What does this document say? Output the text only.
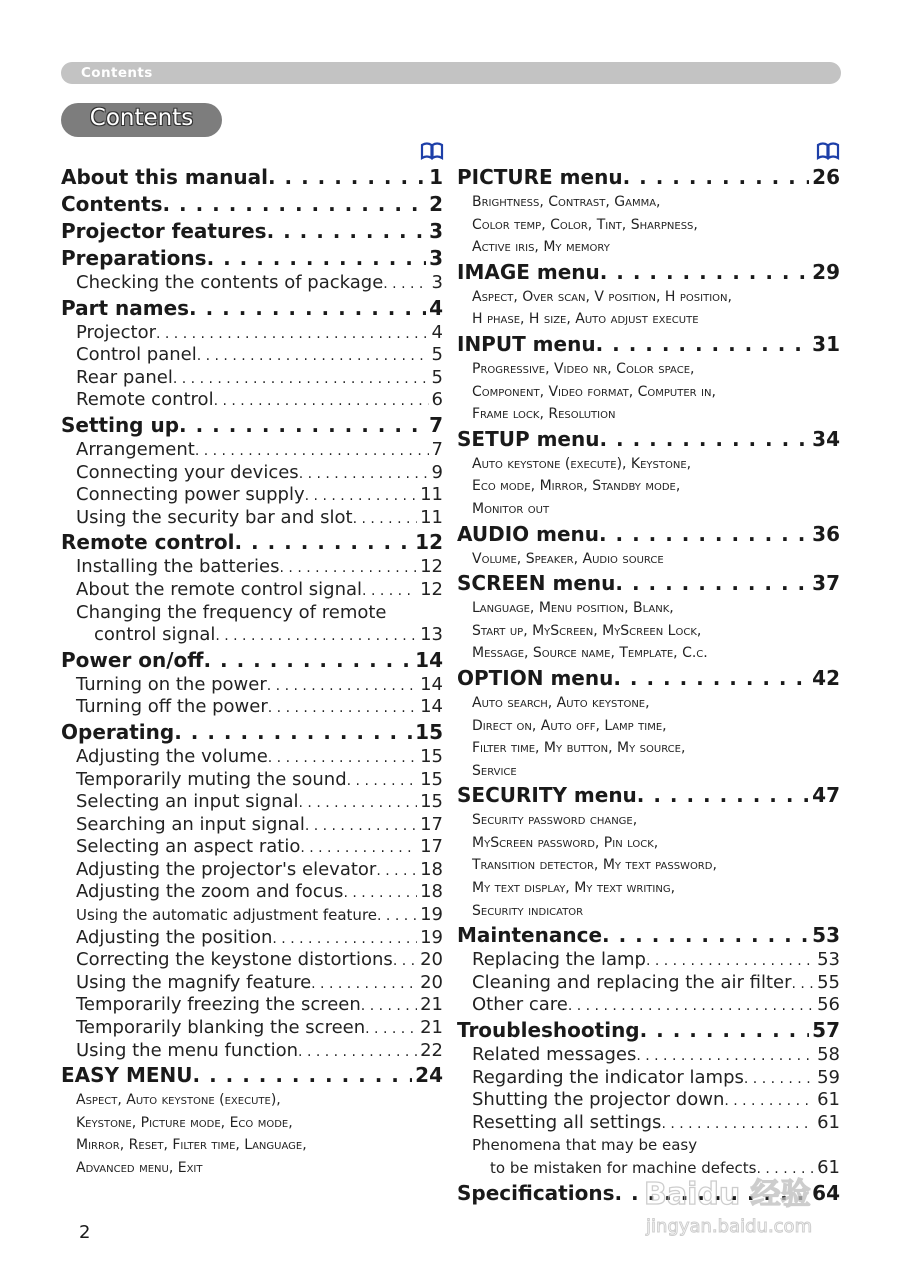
Contents
Contents
About this manual . . .	1
Contents . . .	2
Projector features . . .	3
Preparations . . .	3
Checking the contents of package . . .	3
Part names . . .	4
Projector . . .	4
Control panel . . .	5
Rear panel . . .	5
Remote control . . .	6
Setting up . . .	7
Arrangement . . .	7
Connecting your devices . . .	9
Connecting power supply . . .	11
Using the security bar and slot . . .	11
Remote control . . .	12
Installing the batteries . . .	12
About the remote control signal . . .	12
Changing the frequency of remote
control signal . . .	13
Power on/off . . .	14
Turning on the power . . .	14
Turning off the power . . .	14
Operating . . .	15
Adjusting the volume . . .	15
Temporarily muting the sound . . .	15
Selecting an input signal . . .	15
Searching an input signal . . .	17
Selecting an aspect ratio . . .	17
Adjusting the projector's elevator . . . 18
Adjusting the zoom and focus . . .	18
Using the automatic adjustment feature . . . 19
Adjusting the position . . .	19
Correcting the keystone distortions . . . 20
Using the magnify feature . . .	20
Temporarily freezing the screen . . .	21
Temporarily blanking the screen . . .	21
Using the menu function . . .	22
EASY MENU . . .	24
Aspect, Auto keystone (execute),
Keystone, Picture mode, Eco mode,
Mirror, Reset, Filter time, Language,
Advanced menu, Exit
PICTURE menu . . .	26
Brightness, Contrast, Gamma,
Color temp, Color, Tint, Sharpness,
Active iris, My memory
IMAGE menu . . .	29
Aspect, Over scan, V position, H position,
H phase, H size, Auto adjust execute
INPUT menu . . .	31
Progressive, Video nr, Color space,
Component, Video format, Computer in,
Frame lock, Resolution
SETUP menu . . .	34
Auto keystone (execute), Keystone,
Eco mode, Mirror, Standby mode,
Monitor out
AUDIO menu . . .	36
Volume, Speaker, Audio source
SCREEN menu . . .	37
Language, Menu position, Blank,
Start up, MyScreen, MyScreen Lock,
Message, Source name, Template, C.c.
OPTION menu . . .	42
Auto search, Auto keystone,
Direct on, Auto off, Lamp time,
Filter time, My button, My source,
Service
SECURITY menu . . .	47
Security password change,
MyScreen password, Pin lock,
Transition detector, My text password,
My text display, My text writing,
Security indicator
Maintenance . . .	53
Replacing the lamp . . .	53
Cleaning and replacing the air filter . . . 55
Other care . . .	56
Troubleshooting . . .	57
Related messages . . .	58
Regarding the indicator lamps . . .	59
Shutting the projector down . . .	61
Resetting all settings . . .	61
Phenomena that may be easy
to be mistaken for machine defects . . .	61
Specifications . . .	64
2
Baidu 经验
jingyan.baidu.com
